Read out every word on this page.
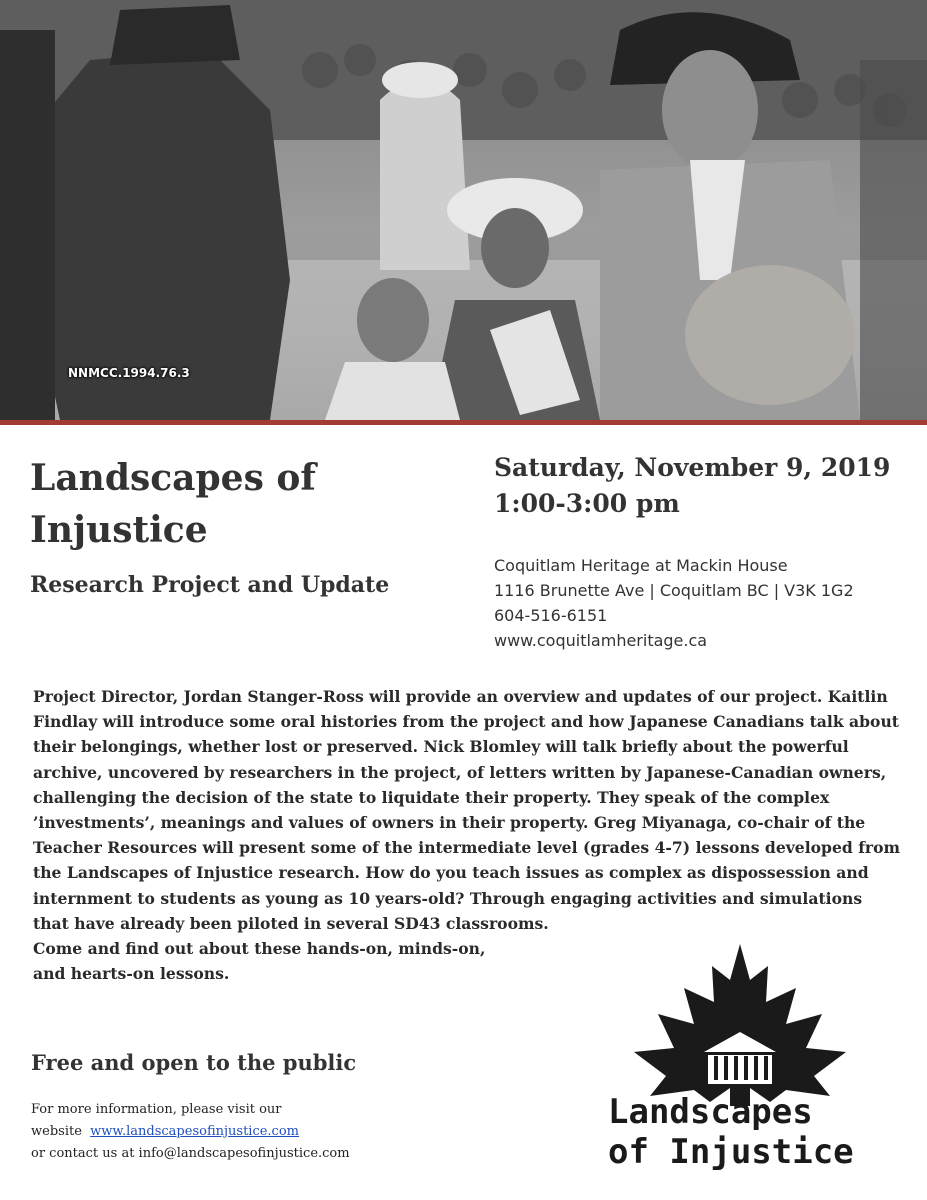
NNMCC.1994.76.3
Landscapes of Injustice
Research Project and Update
Saturday, November 9, 2019
1:00-3:00 pm
Coquitlam Heritage at Mackin House
1116 Brunette Ave | Coquitlam BC | V3K 1G2
604-516-6151
www.coquitlamheritage.ca

Project Director, Jordan Stanger-Ross will provide an overview and updates of our project. Kaitlin Findlay will introduce some oral histories from the project and how Japanese Canadians talk about their belongings, whether lost or preserved. Nick Blomley will talk briefly about the powerful archive, uncovered by researchers in the project, of letters written by Japanese-Canadian owners, challenging the decision of the state to liquidate their property. They speak of the complex ’investments’, meanings and values of owners in their property. Greg Miyanaga, co-chair of the Teacher Resources will present some of the intermediate level (grades 4-7) lessons developed from the Landscapes of Injustice research. How do you teach issues as complex as dispossession and internment to students as young as 10 years-old? Through engaging activities and simulations that have already been piloted in several SD43 classrooms.

Come and find out about these hands-on, minds-on,

and hearts-on lessons.

Free and open to the public
For more information, please visit our
website www.landscapesofinjustice.com
or contact us at info@landscapesofinjustice.com
Landscapes
of Injustice
